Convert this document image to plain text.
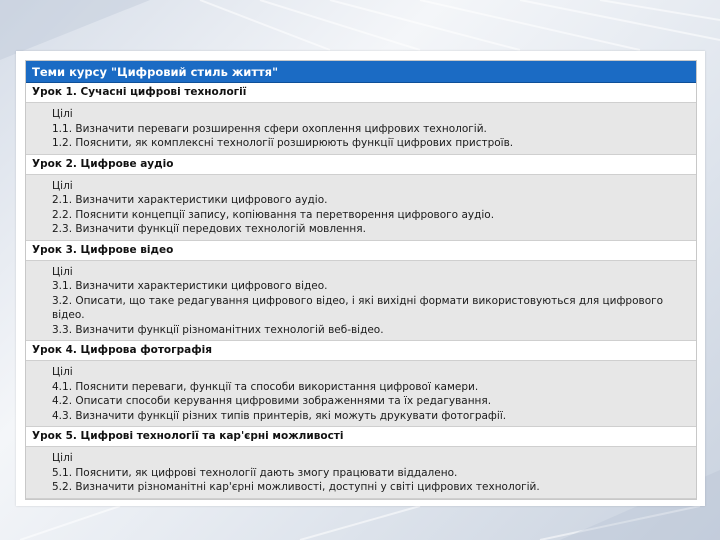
Теми курсу "Цифровий стиль життя"
Урок 1. Сучасні цифрові технології
Цілі
1.1. Визначити переваги розширення сфери охоплення цифрових технологій.
1.2. Пояснити, як комплексні технології розширюють функції цифрових пристроїв.
Урок 2. Цифрове аудіо
Цілі
2.1. Визначити характеристики цифрового аудіо.
2.2. Пояснити концепції запису, копіювання та перетворення цифрового аудіо.
2.3. Визначити функції передових технологій мовлення.
Урок 3. Цифрове відео
Цілі
3.1. Визначити характеристики цифрового відео.
3.2. Описати, що таке редагування цифрового відео, і які вихідні формати використовуються для цифрового відео.
3.3. Визначити функції різноманітних технологій веб-відео.
Урок 4. Цифрова фотографія
Цілі
4.1. Пояснити переваги, функції та способи використання цифрової камери.
4.2. Описати способи керування цифровими зображеннями та їх редагування.
4.3. Визначити функції різних типів принтерів, які можуть друкувати фотографії.
Урок 5. Цифрові технології та кар'єрні можливості
Цілі
5.1. Пояснити, як цифрові технології дають змогу працювати віддалено.
5.2. Визначити різноманітні кар'єрні можливості, доступні у світі цифрових технологій.
